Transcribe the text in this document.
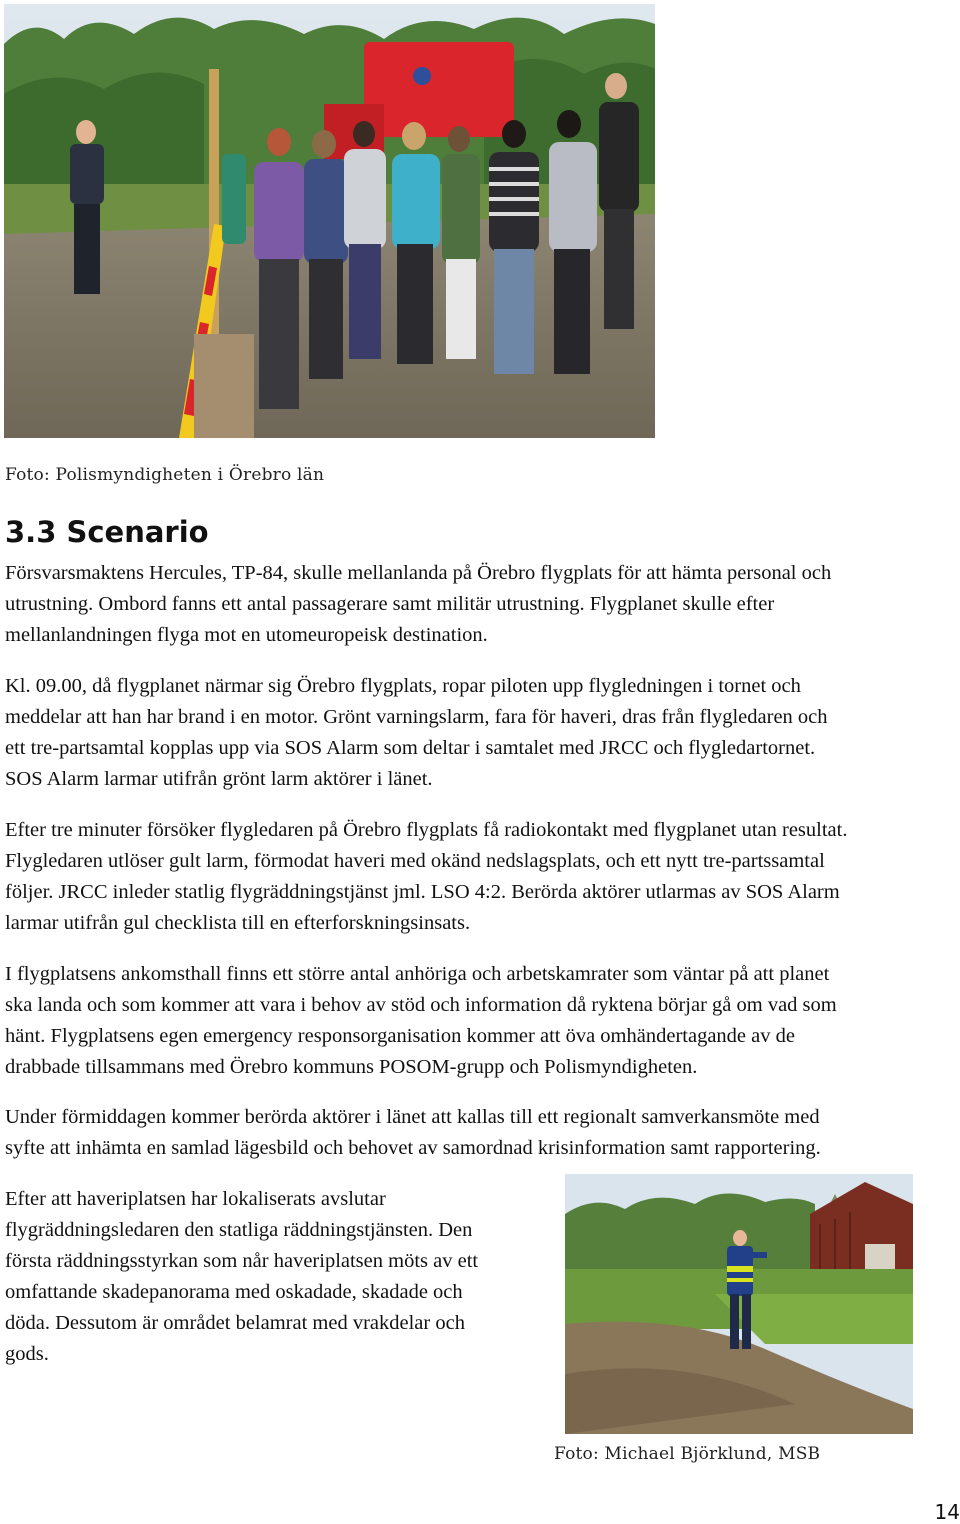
Foto: Polismyndigheten i Örebro län
3.3 Scenario

Försvarsmaktens Hercules, TP-84, skulle mellanlanda på Örebro flygplats för att hämta personal och
utrustning. Ombord fanns ett antal passagerare samt militär utrustning. Flygplanet skulle efter
mellanlandningen flyga mot en utomeuropeisk destination.

Kl. 09.00, då flygplanet närmar sig Örebro flygplats, ropar piloten upp flygledningen i tornet och
meddelar att han har brand i en motor. Grönt varningslarm, fara för haveri, dras från flygledaren och
ett tre-partsamtal kopplas upp via SOS Alarm som deltar i samtalet med JRCC och flygledartornet.
SOS Alarm larmar utifrån grönt larm aktörer i länet.

Efter tre minuter försöker flygledaren på Örebro flygplats få radiokontakt med flygplanet utan resultat.
Flygledaren utlöser gult larm, förmodat haveri med okänd nedslagsplats, och ett nytt tre-partssamtal
följer. JRCC inleder statlig flygräddningstjänst jml. LSO 4:2. Berörda aktörer utlarmas av SOS Alarm
larmar utifrån gul checklista till en efterforskningsinsats.

I flygplatsens ankomsthall finns ett större antal anhöriga och arbetskamrater som väntar på att planet
ska landa och som kommer att vara i behov av stöd och information då ryktena börjar gå om vad som
hänt. Flygplatsens egen emergency responsorganisation kommer att öva omhändertagande av de
drabbade tillsammans med Örebro kommuns POSOM-grupp och Polismyndigheten.

Under förmiddagen kommer berörda aktörer i länet att kallas till ett regionalt samverkansmöte med
syfte att inhämta en samlad lägesbild och behovet av samordnad krisinformation samt rapportering.

Efter att haveriplatsen har lokaliserats avslutar
flygräddningsledaren den statliga räddningstjänsten. Den
första räddningsstyrkan som når haveriplatsen möts av ett
omfattande skadepanorama med oskadade, skadade och
döda. Dessutom är området belamrat med vrakdelar och
gods.

Foto: Michael Björklund, MSB
14
